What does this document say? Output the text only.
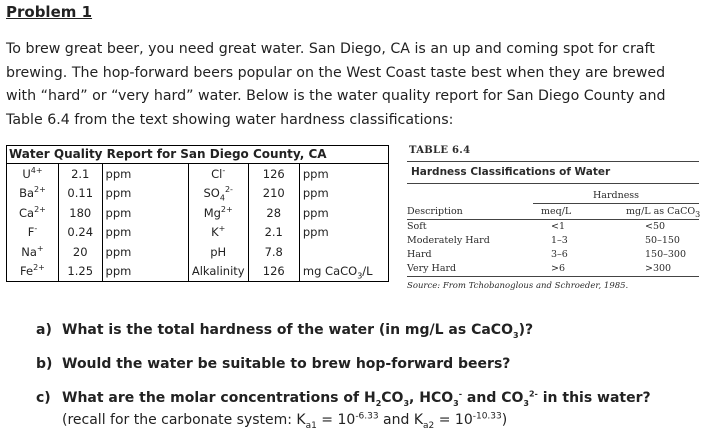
Problem 1
To brew great beer, you need great water. San Diego, CA is an up and coming spot for craft brewing. The hop-forward beers popular on the West Coast taste best when they are brewed with “hard” or “very hard” water. Below is the water quality report for San Diego County and Table 6.4 from the text showing water hardness classifications:
Water Quality Report for San Diego County, CA
$U^{4+}$	2.1	ppm	Cl-	126	ppm
$Ba^{2+}$	0.11	ppm	$SO_4^{2-}$	210	ppm
$Ca^{2+}$	180	ppm	$Mg^{2+}$	28	ppm
F-	0.24	ppm	K+	2.1	ppm
Na+	20	ppm	pH	7.8	
$Fe^{2+}$	1.25	ppm	Alkalinity	126	mg CaCO$_3$/L
TABLE 6.4
Hardness Classifications of Water
Hardness
Description	meq/L	mg/L as CaCO$_3$
Soft	<1	<50
Moderately Hard	1–3	50–150
Hard	3–6	150–300
Very Hard	>6	>300
Source: From Tchobanoglous and Schroeder, 1985.
a) What is the total hardness of the water (in mg/L as CaCO$_3$)?
b) Would the water be suitable to brew hop-forward beers?
c) What are the molar concentrations of $H_2CO_3$, $HCO_3^-$ and $CO_3^{2-}$ in this water?
(recall for the carbonate system: $K_{a1} = 10^{-6.33}$ and $K_{a2} = 10^{-10.33}$)
